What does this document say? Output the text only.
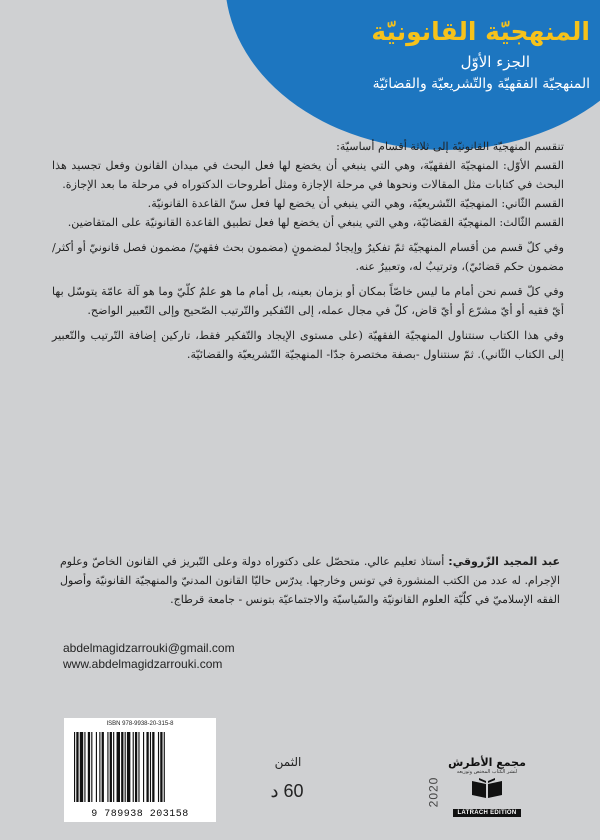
المنهجيّة القانونيّة
الجزء الأوّل
المنهجيّة الفقهيّة والتّشريعيّة والقضائيّة

تنقسم المنهجيّة القانونيّة إلى ثلاثة أقسام أساسيّة:

القسم الأوّل: المنهجيّة الفقهيّة، وهي التي ينبغي أن يخضع لها فعل البحث في ميدان القانون وفعل تجسيد هذا البحث في كتابات مثل المقالات ونحوها في مرحلة الإجازة ومثل أطروحات الدكتوراه في مرحلة ما بعد الإجازة.

القسم الثّاني: المنهجيّة التّشريعيّة، وهي التي ينبغي أن يخضع لها فعل سنّ القاعدة القانونيّة.

القسم الثّالث: المنهجيّة القضائيّة، وهي التي ينبغي أن يخضع لها فعل تطبيق القاعدة القانونيّة على المتقاضين.

وفي كلّ قسم من أقسام المنهجيّة ثمّ تفكيرٌ وإيجادٌ لمضمونٍ (مضمون بحث فقهيّ/ مضمون فصل قانونيّ أو أكثر/ مضمون حكم قضائيّ)، وترتيبٌ له، وتعبيرٌ عنه.

وفي كلّ قسم نحن أمام ما ليس خاصّاً بمكان أو بزمان بعينه، بل أمام ما هو علمٌ كلّيّ وما هو آلة عامّة يتوسّل بها أيّ فقيه أو أيّ مشرّع أو أيّ قاض، كلّ في مجال عمله، إلى التّفكير والتّرتيب الصّحيح وإلى التّعبير الواضح.

وفي هذا الكتاب سنتناول المنهجيّة الفقهيّة (على مستوى الإيجاد والتّفكير فقط، تاركين إضافة التّرتيب والتّعبير إلى الكتاب الثّاني). ثمّ سنتناول -بصفة مختصرة جدّا- المنهجيّة التّشريعيّة والقضائيّة.

عبد المجيد الزّروقي: أستاذ تعليم عالي. متحصّل على دكتوراه دولة وعلى التّبريز في القانون الخاصّ وعلوم الإجرام. له عدد من الكتب المنشورة في تونس وخارجها. يدرّس حاليّا القانون المدنيّ والمنهجيّة القانونيّة وأصول الفقه الإسلاميّ في كلّيّة العلوم القانونيّة والسّياسيّة والاجتماعيّة بتونس - جامعة قرطاج.
abdelmagidzarrouki@gmail.com
www.abdelmagidzarrouki.com
ISBN 978-9938-20-315-8
9 789938 203158
الثمن
60 د	2020
مجمع الأطرش
لنشر الكتاب المختص وتوزيعه
LATRACH EDITION
